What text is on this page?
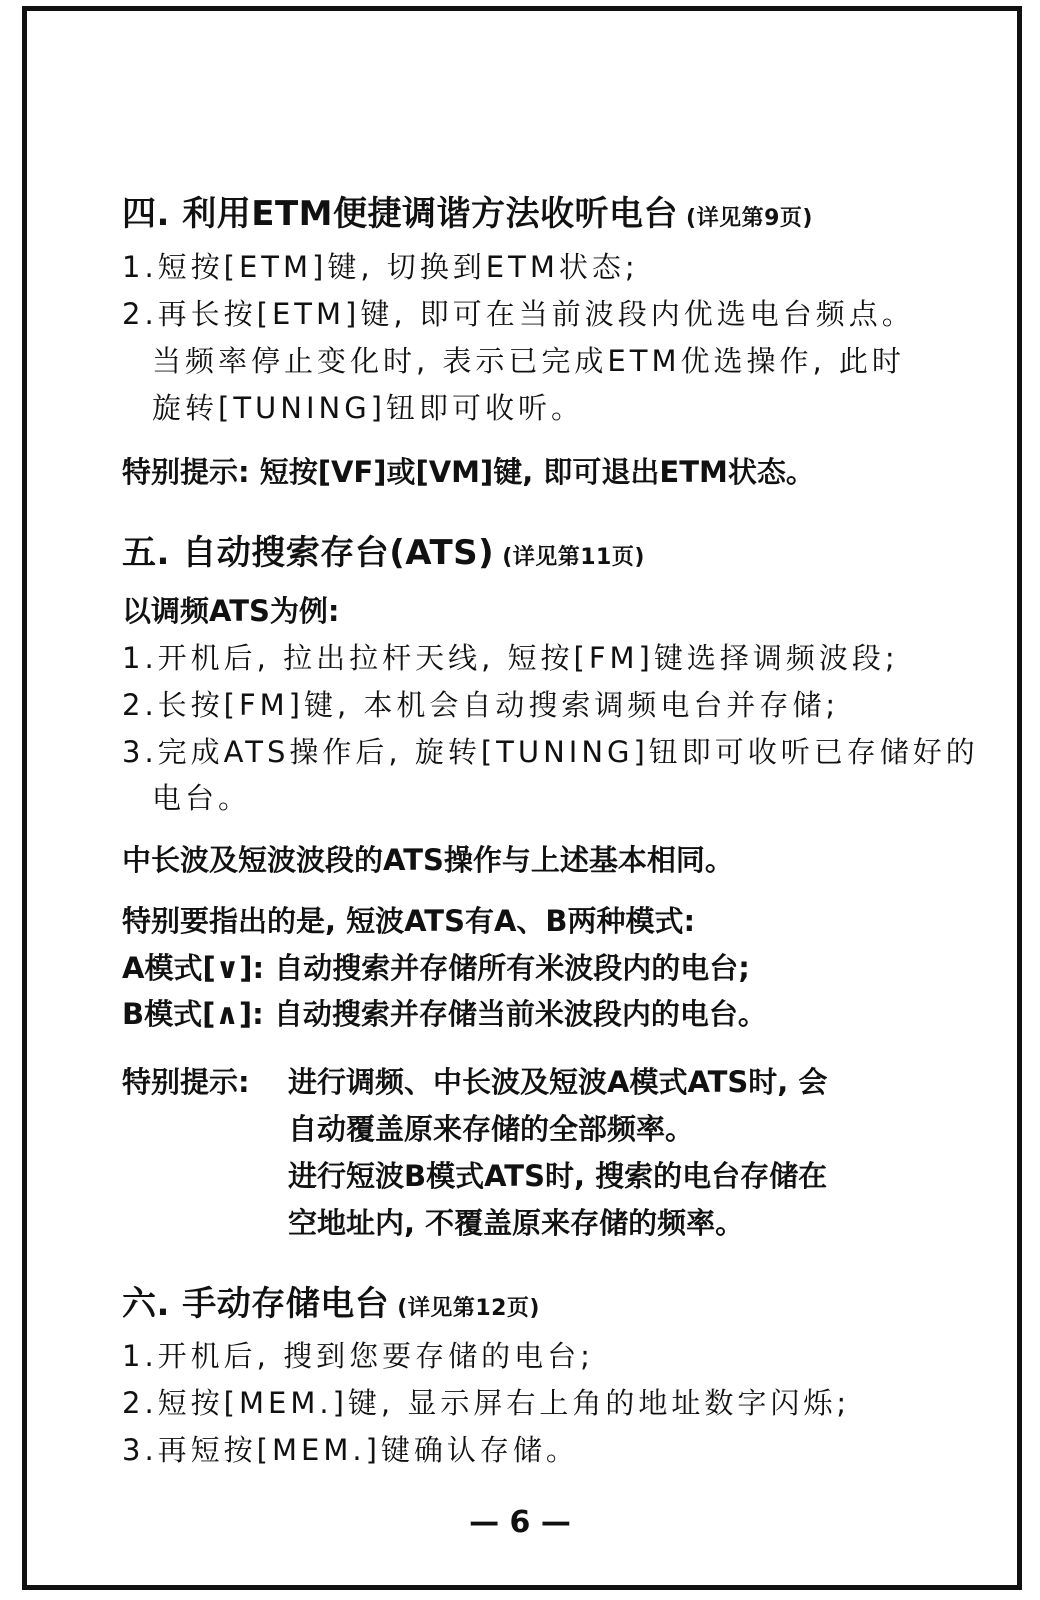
四. 利用ETM便捷调谐方法收听电台 (详见第9页)
1.短按[ETM]键, 切换到ETM状态;
2.再长按[ETM]键, 即可在当前波段内优选电台频点。
当频率停止变化时, 表示已完成ETM优选操作, 此时
旋转[TUNING]钮即可收听。
特别提示: 短按[VF]或[VM]键, 即可退出ETM状态。
五. 自动搜索存台(ATS) (详见第11页)
以调频ATS为例:
1.开机后, 拉出拉杆天线, 短按[FM]键选择调频波段;
2.长按[FM]键, 本机会自动搜索调频电台并存储;
3.完成ATS操作后, 旋转[TUNING]钮即可收听已存储好的
电台。
中长波及短波波段的ATS操作与上述基本相同。
特别要指出的是, 短波ATS有A、B两种模式:
A模式[∨]: 自动搜索并存储所有米波段内的电台;
B模式[∧]: 自动搜索并存储当前米波段内的电台。
特别提示: 进行调频、中长波及短波A模式ATS时, 会
自动覆盖原来存储的全部频率。
进行短波B模式ATS时, 搜索的电台存储在
空地址内, 不覆盖原来存储的频率。
六. 手动存储电台 (详见第12页)
1.开机后, 搜到您要存储的电台;
2.短按[MEM.]键, 显示屏右上角的地址数字闪烁;
3.再短按[MEM.]键确认存储。
— 6 —
